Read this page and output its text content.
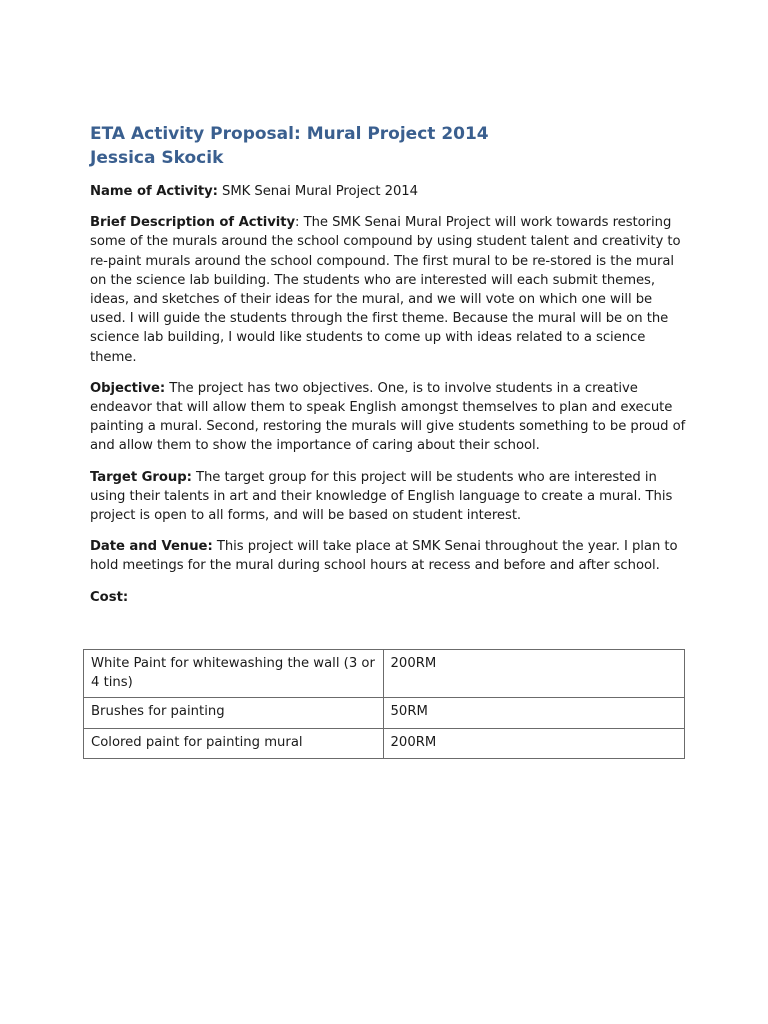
ETA Activity Proposal: Mural Project 2014
Jessica Skocik

Name of Activity: SMK Senai Mural Project 2014

Brief Description of Activity: The SMK Senai Mural Project will work towards restoring some of the murals around the school compound by using student talent and creativity to re-paint murals around the school compound. The first mural to be re-stored is the mural on the science lab building. The students who are interested will each submit themes, ideas, and sketches of their ideas for the mural, and we will vote on which one will be used. I will guide the students through the first theme. Because the mural will be on the science lab building, I would like students to come up with ideas related to a science theme.

Objective: The project has two objectives. One, is to involve students in a creative endeavor that will allow them to speak English amongst themselves to plan and execute painting a mural. Second, restoring the murals will give students something to be proud of and allow them to show the importance of caring about their school.

Target Group: The target group for this project will be students who are interested in using their talents in art and their knowledge of English language to create a mural. This project is open to all forms, and will be based on student interest.

Date and Venue: This project will take place at SMK Senai throughout the year. I plan to hold meetings for the mural during school hours at recess and before and after school.

Cost:
White Paint for whitewashing the wall (3 or 4 tins)	200RM
Brushes for painting	50RM
Colored paint for painting mural	200RM
